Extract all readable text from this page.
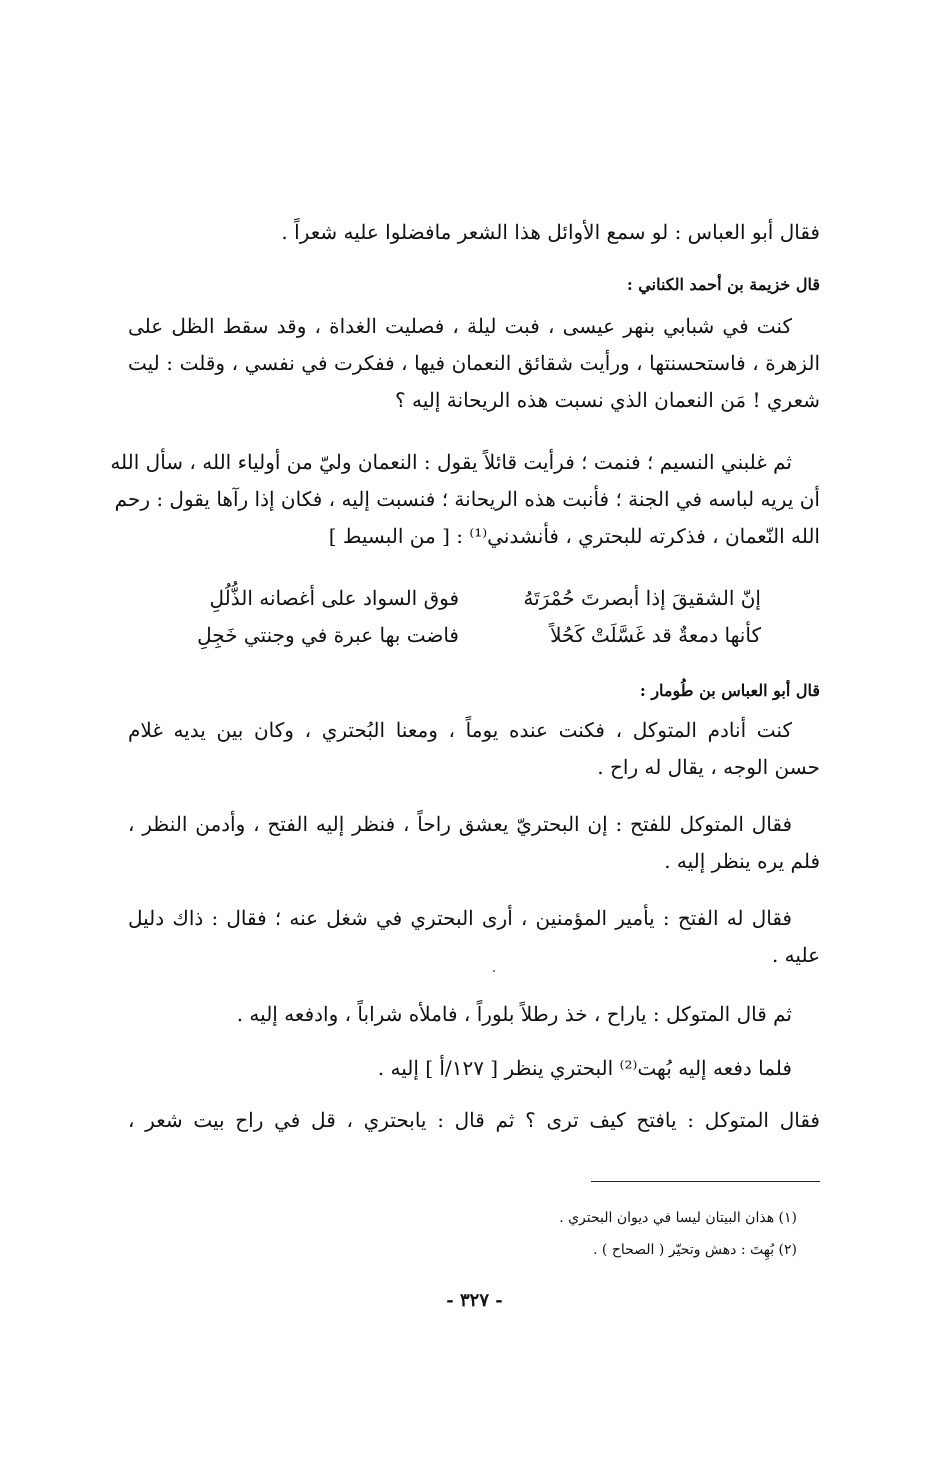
فقال أبو العباس : لو سمع الأوائل هذا الشعر مافضلوا عليه شعراً .
قال خزيمة بن أحمد الكناني :
كنت في شبابي بنهر عيسى ، فبت ليلة ، فصليت الغداة ، وقد سقط الظل على
الزهرة ، فاستحسنتها ، ورأيت شقائق النعمان فيها ، ففكرت في نفسي ، وقلت : ليت
شعري ! مَن النعمان الذي نسبت هذه الريحانة إليه ؟
ثم غلبني النسيم ؛ فنمت ؛ فرأيت قائلاً يقول : النعمان وليّ من أولياء الله ، سأل الله
أن يريه لباسه في الجنة ؛ فأنبت هذه الريحانة ؛ فنسبت إليه ، فكان إذا رآها يقول : رحم
الله النّعمان ، فذكرته للبحتري ، فأنشدني⁽¹⁾ : [ من البسيط ]
إنّ الشقيقَ إذا أبصرتَ حُمْرَتَهُ
فوق السواد على أغصانه الذُّلُلِ
كأنها دمعةٌ قد غَسَّلَتْ كَحُلاً
فاضت بها عبرة في وجنتي خَجِلِ
قال أبو العباس بن طُومار :
كنت أنادم المتوكل ، فكنت عنده يوماً ، ومعنا البُحتري ، وكان بين يديه غلام
حسن الوجه ، يقال له راح .
فقال المتوكل للفتح : إن البحتريّ يعشق راحاً ، فنظر إليه الفتح ، وأدمن النظر ،
فلم يره ينظر إليه .
فقال له الفتح : يأمير المؤمنين ، أرى البحتري في شغل عنه ؛ فقال : ذاك دليل
عليه .
ثم قال المتوكل : ياراح ، خذ رطلاً بلوراً ، فاملأه شراباً ، وادفعه إليه .
فلما دفعه إليه بُهت⁽²⁾ البحتري ينظر [ ١٢٧/أ ] إليه .
فقال المتوكل : يافتح كيف ترى ؟ ثم قال : يابحتري ، قل في راح بيت شعر ،
(١) هذان البيتان ليسا في ديوان البحتري .
(٢) بُهِتَ : دهش وتحيّر ( الصحاح ) .
- ٣٢٧ -
